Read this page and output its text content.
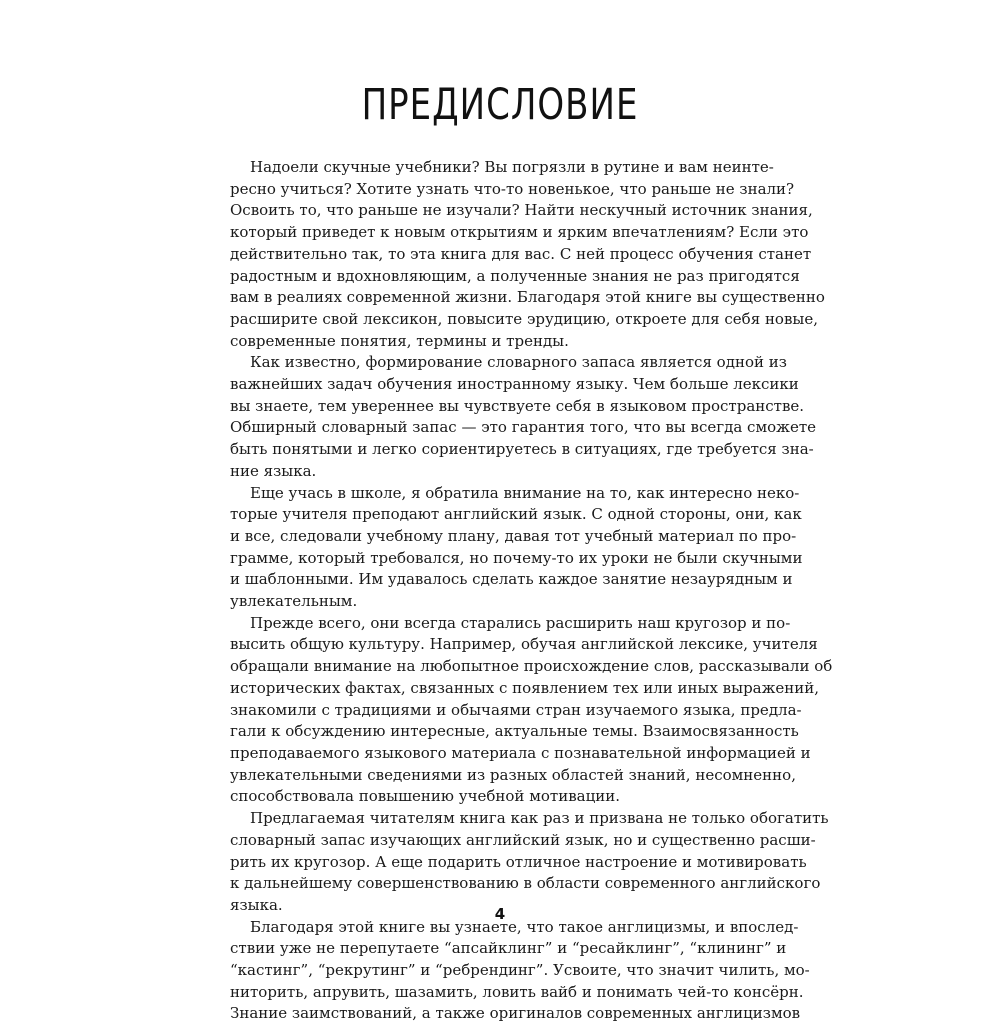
ПРЕДИСЛОВИЕ

Надоели скучные учебники? Вы погрязли в рутине и вам неинте-
ресно учиться? Хотите узнать что-то новенькое, что раньше не знали?
Освоить то, что раньше не изучали? Найти нескучный источник знания,
который приведет к новым открытиям и ярким впечатлениям? Если это
действительно так, то эта книга для вас. С ней процесс обучения станет
радостным и вдохновляющим, а полученные знания не раз пригодятся
вам в реалиях современной жизни. Благодаря этой книге вы существенно
расширите свой лексикон, повысите эрудицию, откроете для себя новые,
современные понятия, термины и тренды.

Как известно, формирование словарного запаса является одной из
важнейших задач обучения иностранному языку. Чем больше лексики
вы знаете, тем увереннее вы чувствуете себя в языковом пространстве.
Обширный словарный запас — это гарантия того, что вы всегда сможете
быть понятыми и легко сориентируетесь в ситуациях, где требуется зна-
ние языка.

Еще учась в школе, я обратила внимание на то, как интересно неко-
торые учителя преподают английский язык. С одной стороны, они, как
и все, следовали учебному плану, давая тот учебный материал по про-
грамме, который требовался, но почему-то их уроки не были скучными
и шаблонными. Им удавалось сделать каждое занятие незаурядным и
увлекательным.

Прежде всего, они всегда старались расширить наш кругозор и по-
высить общую культуру. Например, обучая английской лексике, учителя
обращали внимание на любопытное происхождение слов, рассказывали об
исторических фактах, связанных с появлением тех или иных выражений,
знакомили с традициями и обычаями стран изучаемого языка, предла-
гали к обсуждению интересные, актуальные темы. Взаимосвязанность
преподаваемого языкового материала с познавательной информацией и
увлекательными сведениями из разных областей знаний, несомненно,
способствовала повышению учебной мотивации.

Предлагаемая читателям книга как раз и призвана не только обогатить
словарный запас изучающих английский язык, но и существенно расши-
рить их кругозор. А еще подарить отличное настроение и мотивировать
к дальнейшему совершенствованию в области современного английского
языка.

Благодаря этой книге вы узнаете, что такое англицизмы, и впослед-
ствии уже не перепутаете “апсайклинг” и “ресайклинг”, “клининг” и
“кастинг”, “рекрутинг” и “ребрендинг”. Усвоите, что значит чилить, мо-
ниторить, апрувить, шазамить, ловить вайб и понимать чей-то консёрн.
Знание заимствований, а также оригиналов современных англицизмов

4
